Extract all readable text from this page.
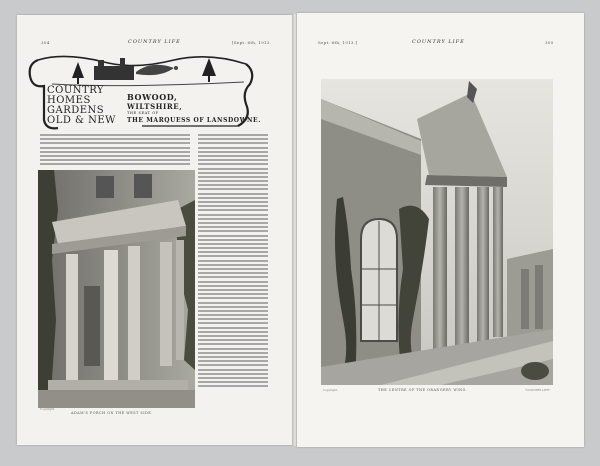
304	COUNTRY LIFE	[Sept. 6th, 1913.
COUNTRY
HOMES
GARDENS
OLD & NEW
BOWOOD,
WILTSHIRE,
THE SEAT OF
THE MARQUESS OF LANSDOWNE.
ADAM'S PORCH ON THE WEST SIDE.
Copyright.
Sept. 6th, 1913.]	COUNTRY LIFE	305
THE CENTRE OF THE ORANGERY WING.
Copyright.	"COUNTRY LIFE"
